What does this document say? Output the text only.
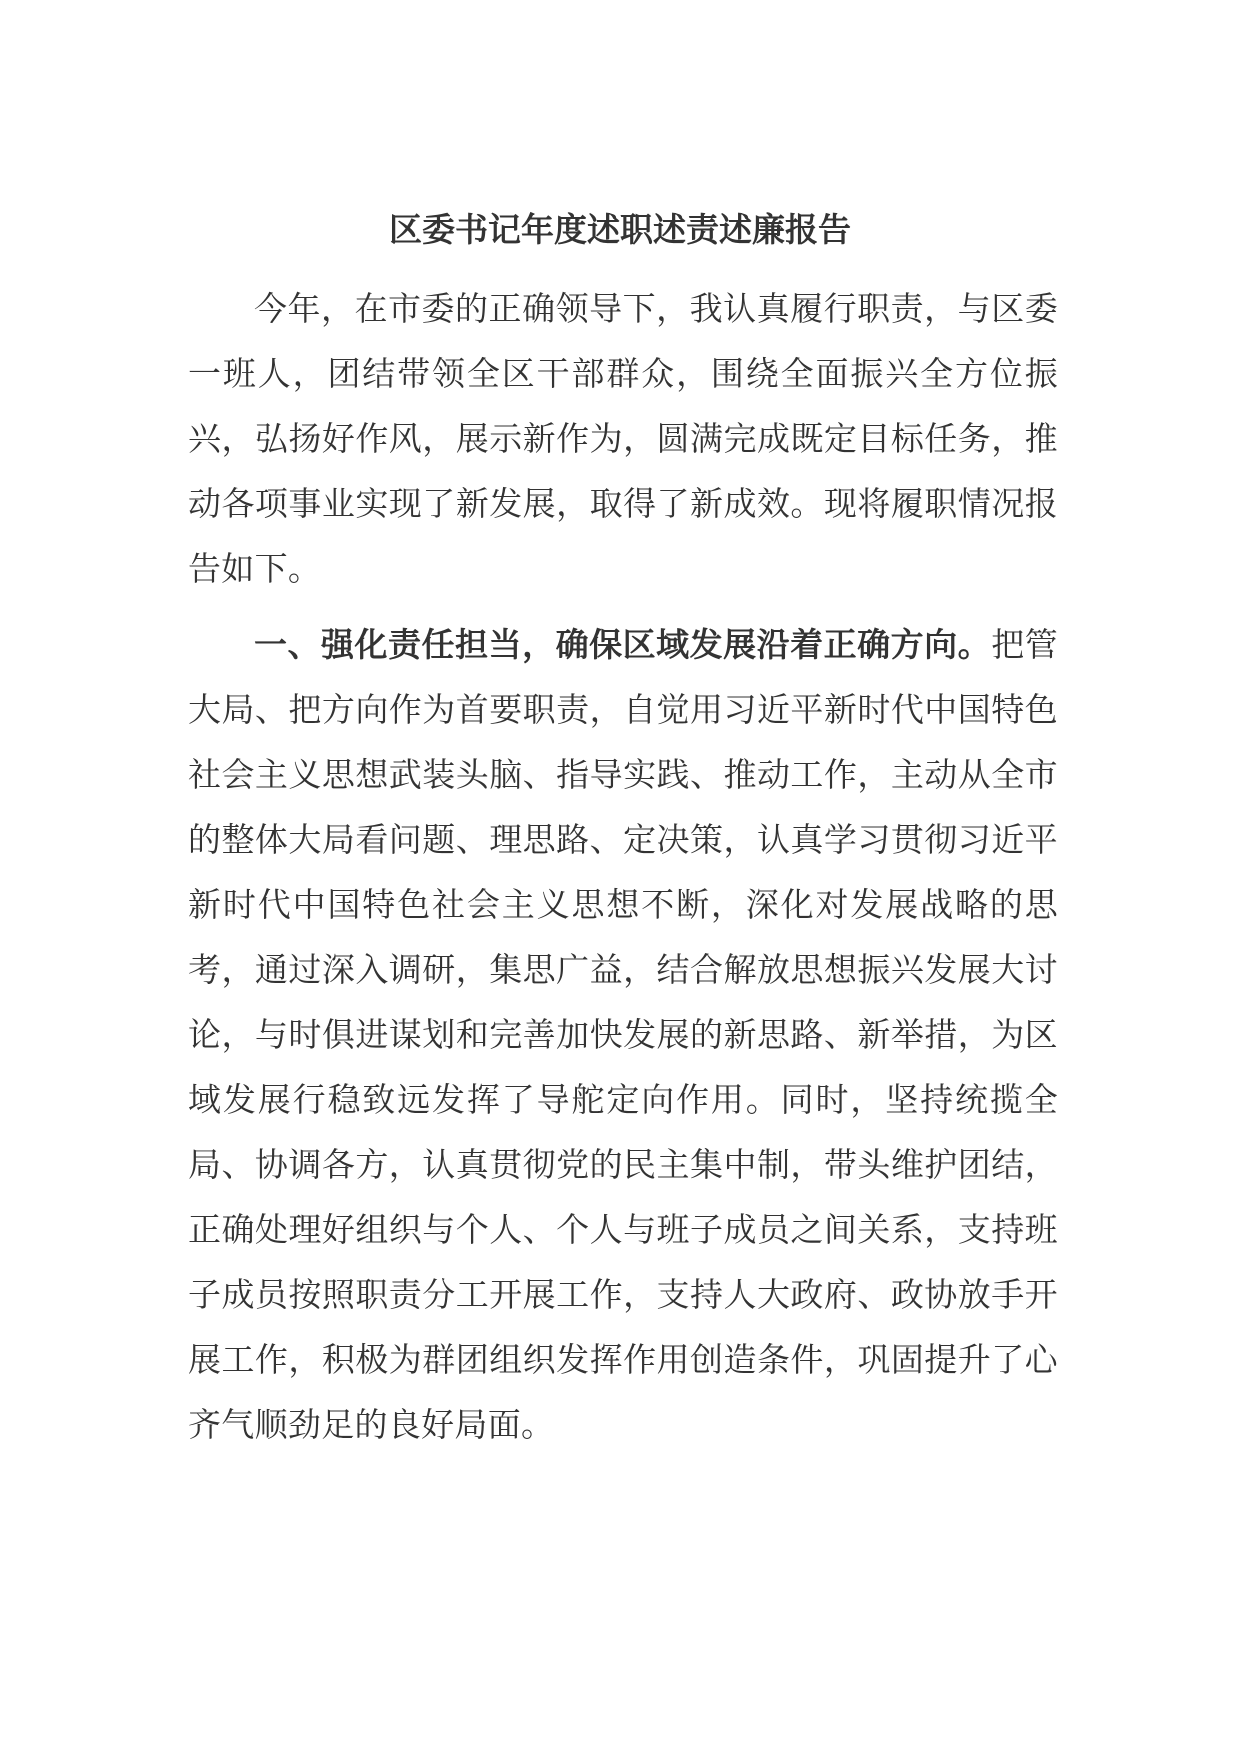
区委书记年度述职述责述廉报告

今年，在市委的正确领导下，我认真履行职责，与区委一班人，团结带领全区干部群众，围绕全面振兴全方位振兴，弘扬好作风，展示新作为，圆满完成既定目标任务，推动各项事业实现了新发展，取得了新成效。现将履职情况报告如下。

一、强化责任担当，确保区域发展沿着正确方向。把管大局、把方向作为首要职责，自觉用习近平新时代中国特色社会主义思想武装头脑、指导实践、推动工作，主动从全市的整体大局看问题、理思路、定决策，认真学习贯彻习近平新时代中国特色社会主义思想不断，深化对发展战略的思考，通过深入调研，集思广益，结合解放思想振兴发展大讨论，与时俱进谋划和完善加快发展的新思路、新举措，为区域发展行稳致远发挥了导舵定向作用。同时，坚持统揽全局、协调各方，认真贯彻党的民主集中制，带头维护团结，正确处理好组织与个人、个人与班子成员之间关系，支持班子成员按照职责分工开展工作，支持人大政府、政协放手开展工作，积极为群团组织发挥作用创造条件，巩固提升了心齐气顺劲足的良好局面。
